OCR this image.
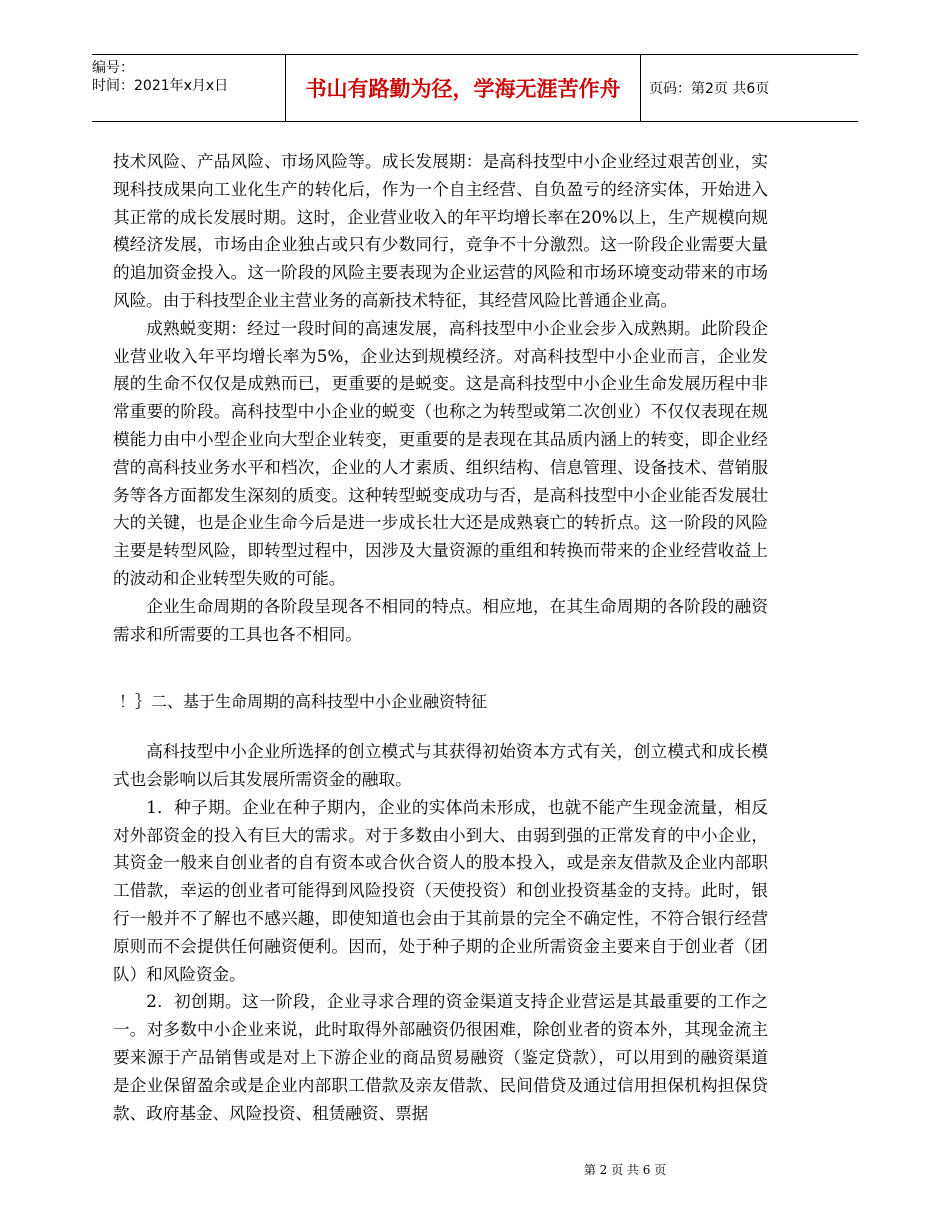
编号：
时间：2021年x月x日	书山有路勤为径，学海无涯苦作舟	页码：第2页 共6页

技术风险、产品风险、市场风险等。成长发展期：是高科技型中小企业经过艰苦创业，实现科技成果向工业化生产的转化后，作为一个自主经营、自负盈亏的经济实体，开始进入其正常的成长发展时期。这时，企业营业收入的年平均增长率在20%以上，生产规模向规模经济发展，市场由企业独占或只有少数同行，竞争不十分激烈。这一阶段企业需要大量的追加资金投入。这一阶段的风险主要表现为企业运营的风险和市场环境变动带来的市场风险。由于科技型企业主营业务的高新技术特征，其经营风险比普通企业高。

成熟蜕变期：经过一段时间的高速发展，高科技型中小企业会步入成熟期。此阶段企业营业收入年平均增长率为5%，企业达到规模经济。对高科技型中小企业而言，企业发展的生命不仅仅是成熟而已，更重要的是蜕变。这是高科技型中小企业生命发展历程中非常重要的阶段。高科技型中小企业的蜕变（也称之为转型或第二次创业）不仅仅表现在规模能力由中小型企业向大型企业转变，更重要的是表现在其品质内涵上的转变，即企业经营的高科技业务水平和档次，企业的人才素质、组织结构、信息管理、设备技术、营销服务等各方面都发生深刻的质变。这种转型蜕变成功与否，是高科技型中小企业能否发展壮大的关键，也是企业生命今后是进一步成长壮大还是成熟衰亡的转折点。这一阶段的风险主要是转型风险，即转型过程中，因涉及大量资源的重组和转换而带来的企业经营收益上的波动和企业转型失败的可能。

企业生命周期的各阶段呈现各不相同的特点。相应地，在其生命周期的各阶段的融资需求和所需要的工具也各不相同。

！｝二、基于生命周期的高科技型中小企业融资特征

高科技型中小企业所选择的创立模式与其获得初始资本方式有关，创立模式和成长模式也会影响以后其发展所需资金的融取。

1．种子期。企业在种子期内，企业的实体尚未形成，也就不能产生现金流量，相反对外部资金的投入有巨大的需求。对于多数由小到大、由弱到强的正常发育的中小企业，其资金一般来自创业者的自有资本或合伙合资人的股本投入，或是亲友借款及企业内部职工借款，幸运的创业者可能得到风险投资（天使投资）和创业投资基金的支持。此时，银行一般并不了解也不感兴趣，即使知道也会由于其前景的完全不确定性，不符合银行经营原则而不会提供任何融资便利。因而，处于种子期的企业所需资金主要来自于创业者（团队）和风险资金。

2．初创期。这一阶段，企业寻求合理的资金渠道支持企业营运是其最重要的工作之一。对多数中小企业来说，此时取得外部融资仍很困难，除创业者的资本外，其现金流主要来源于产品销售或是对上下游企业的商品贸易融资（鉴定贷款），可以用到的融资渠道是企业保留盈余或是企业内部职工借款及亲友借款、民间借贷及通过信用担保机构担保贷款、政府基金、风险投资、租赁融资、票据

第 2 页 共 6 页
